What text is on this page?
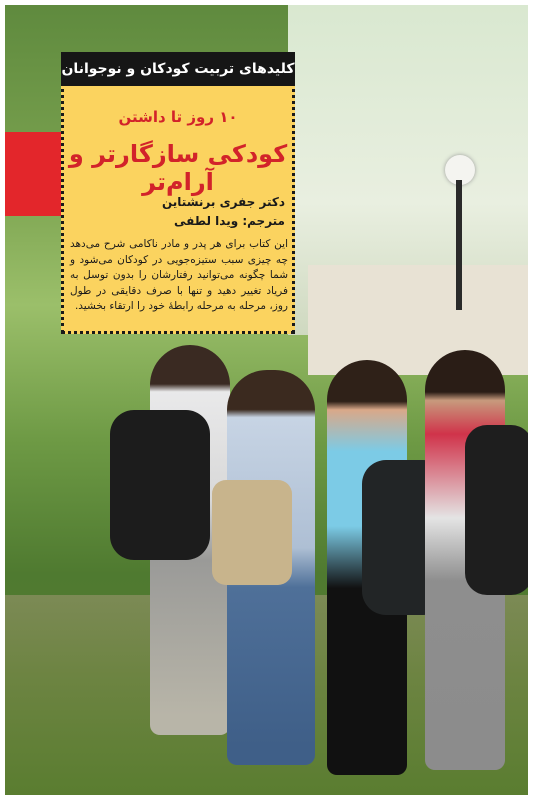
کلیدهای تربیت کودکان و نوجوانان
۱۰ روز تا داشتن
کودکی سازگارتر و آرام‌تر
دکتر جفری برنشتاین
مترجم: ویدا لطفی
این کتاب برای هر پدر و مادر ناکامی شرح می‌دهد چه چیزی سبب ستیزه‌جویی در کودکان می‌شود و شما چگونه می‌توانید رفتارشان را بدون توسل به فریاد تغییر دهید و تنها با صرف دقایقی در طول روز، مرحله به مرحله رابطهٔ خود را ارتقاء بخشید.
